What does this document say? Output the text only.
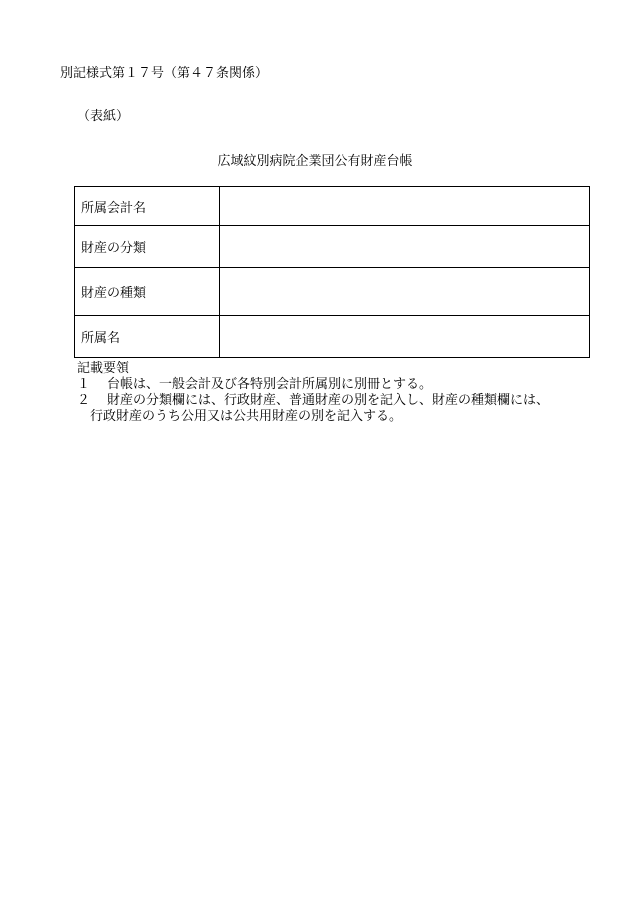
別記様式第１７号（第４７条関係）
（表紙）
広域紋別病院企業団公有財産台帳
所属会計名	
財産の分類	
財産の種類	
所属名	

記載要領

１	台帳は、一般会計及び各特別会計所属別に別冊とする。
２	財産の分類欄には、行政財産、普通財産の別を記入し、財産の種類欄には、
行政財産のうち公用又は公共用財産の別を記入する。
